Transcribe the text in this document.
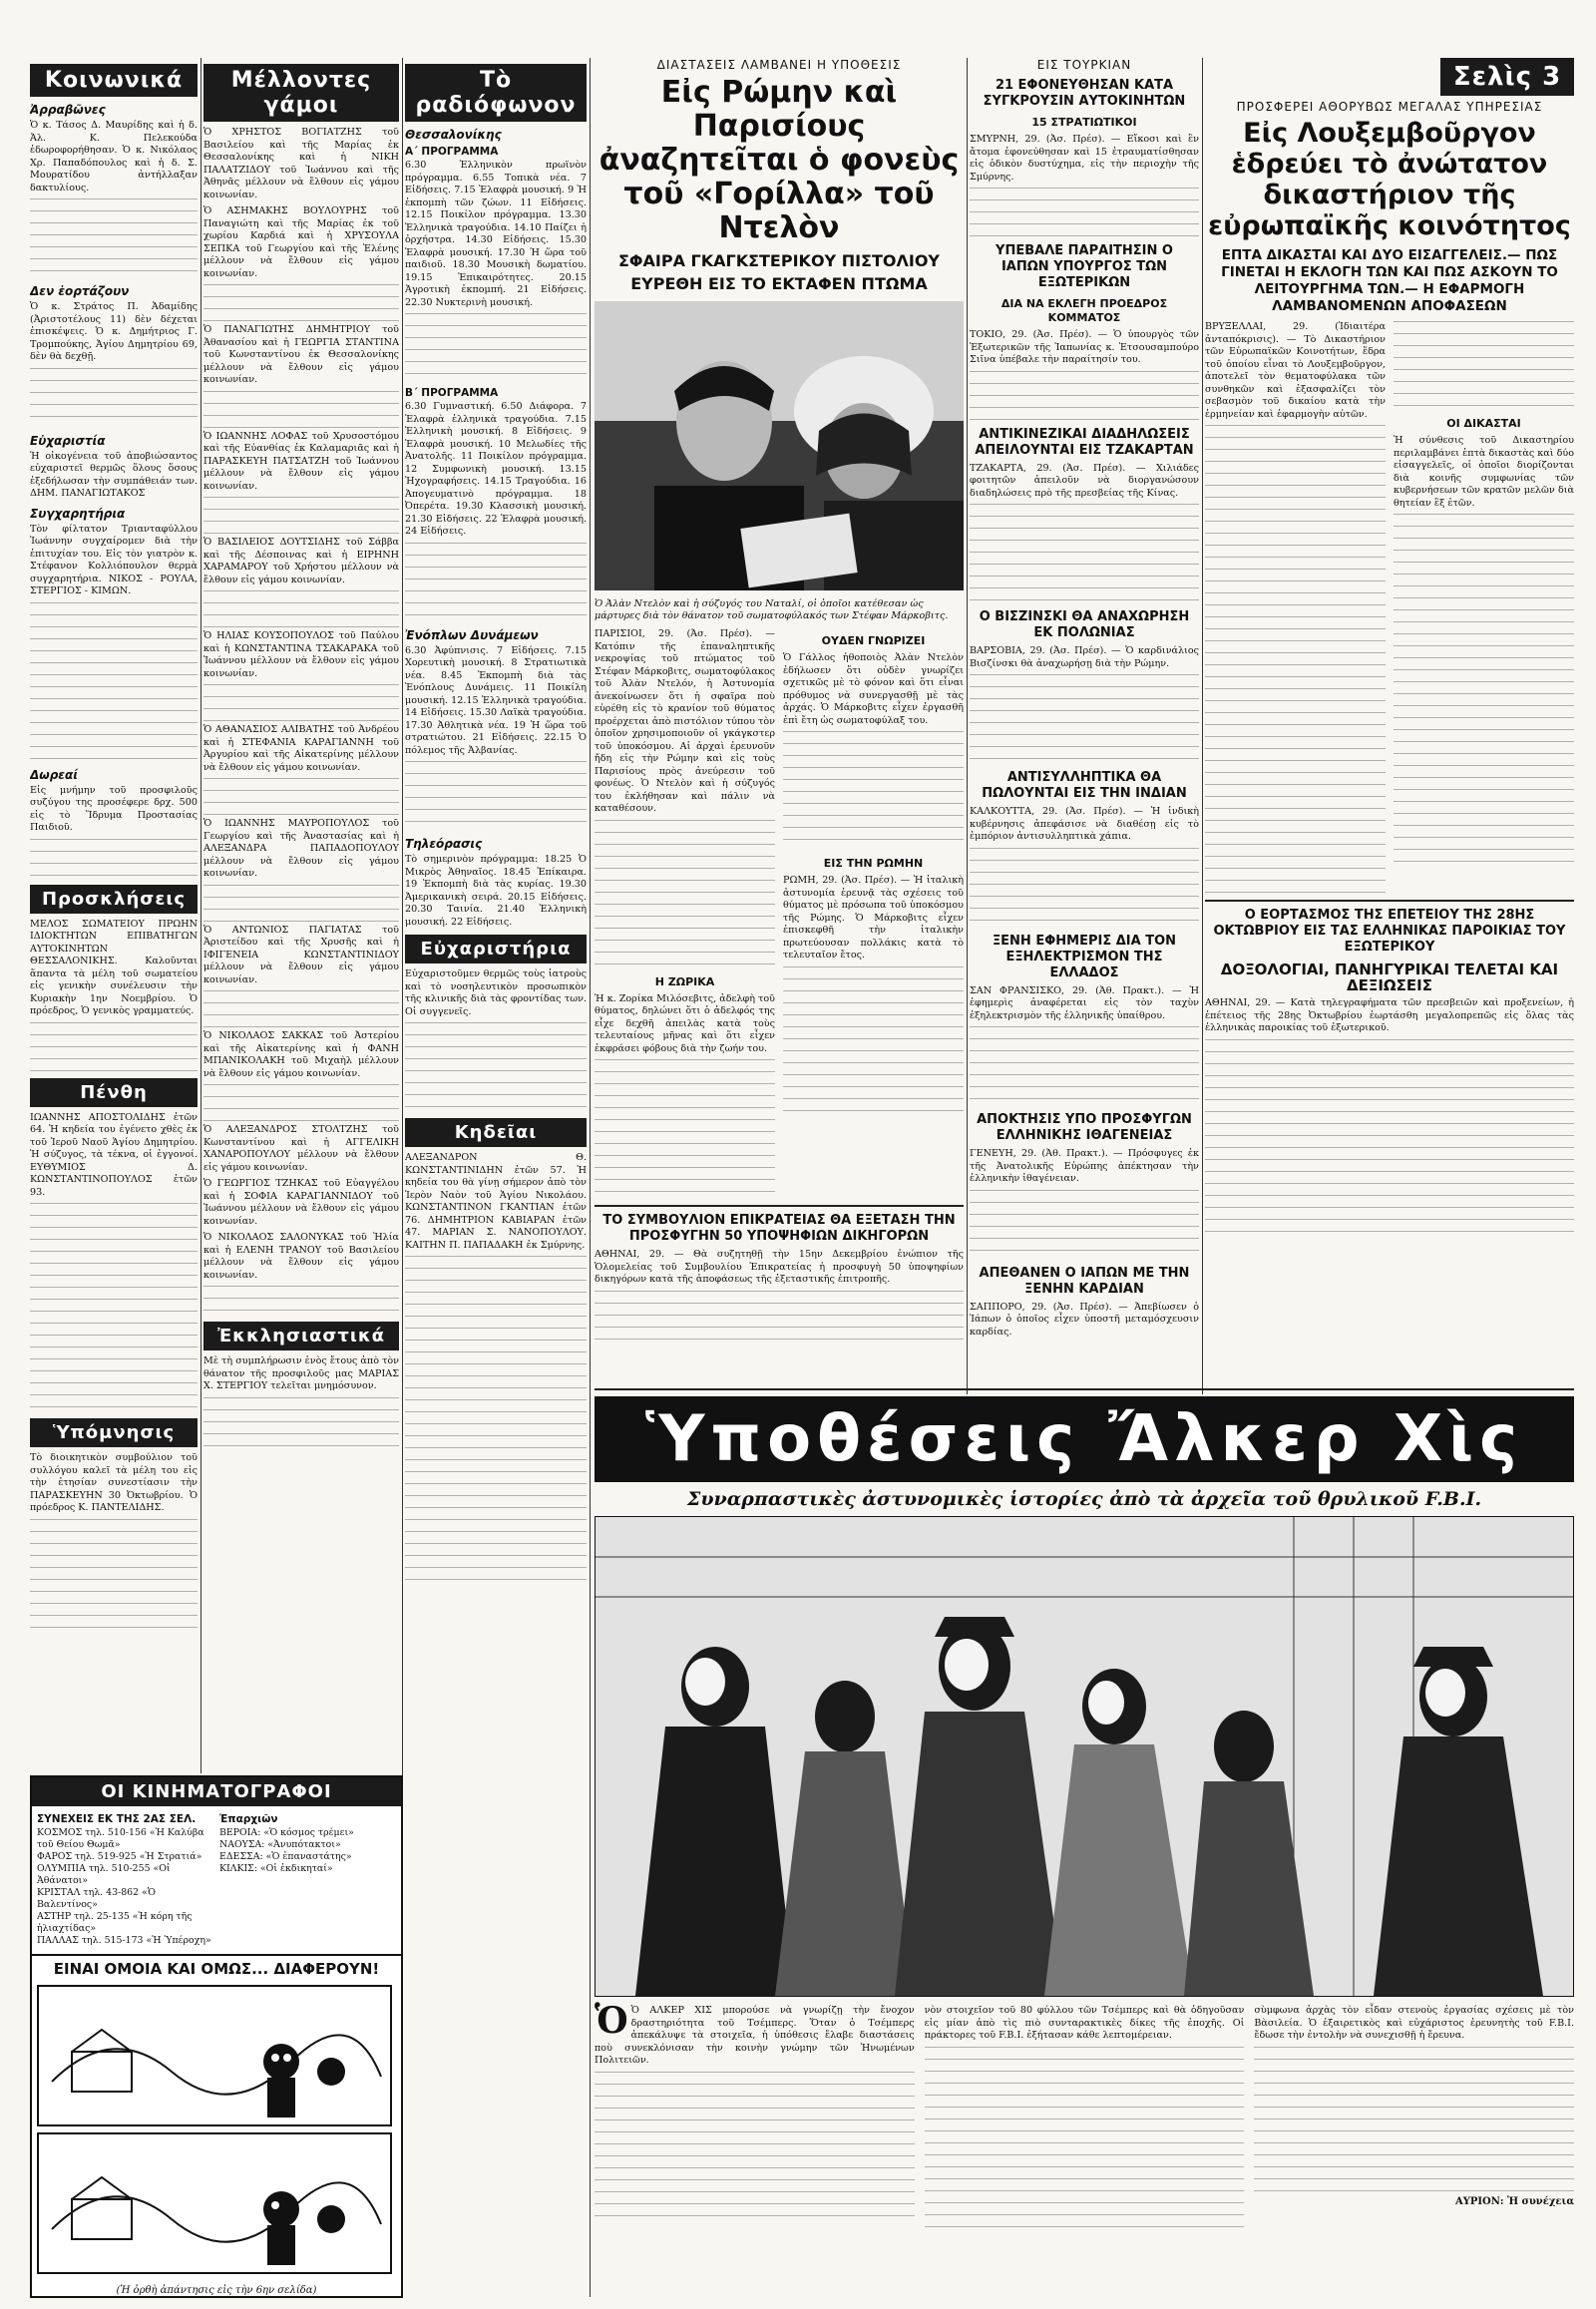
Κοινωνικά
Ἀρραβῶνες

Ὁ κ. Τάσος Δ. Μαυρίδης καὶ ἡ δ. Ἀλ. Κ. Πελεκούδα ἐδωροφορήθησαν. Ὁ κ. Νικόλαος Χρ. Παπαδόπουλος καὶ ἡ δ. Σ. Μουρατίδου ἀντήλλαξαν δακτυλίους.

Δεν ἑορτάζουν

Ὁ κ. Στράτος Π. Ἀδαμίδης (Ἀριστοτέλους 11) δὲν δέχεται ἐπισκέψεις. Ὁ κ. Δημήτριος Γ. Τρομπούκης, Ἀγίου Δημητρίου 69, δὲν θὰ δεχθῇ.

Εὐχαριστία

Ἡ οἰκογένεια τοῦ ἀποβιώσαντος εὐχαριστεῖ θερμῶς ὅλους ὅσους ἐξεδήλωσαν τὴν συμπάθειάν των. ΔΗΜ. ΠΑΝΑΓΙΩΤΑΚΟΣ

Συγχαρητήρια

Τὸν φίλτατον Τριανταφύλλου Ἰωάννην συγχαίρομεν διὰ τὴν ἐπιτυχίαν του. Εἰς τὸν γιατρὸν κ. Στέφανον Κολλιόπουλον θερμὰ συγχαρητήρια. ΝΙΚΟΣ - ΡΟΥΛΑ, ΣΤΕΡΓΙΟΣ - ΚΙΜΩΝ.

Δωρεαί

Εἰς μνήμην τοῦ προσφιλοῦς συζύγου της προσέφερε δρχ. 500 εἰς τὸ Ἵδρυμα Προστασίας Παιδιοῦ.

Προσκλήσεις

ΜΕΛΟΣ ΣΩΜΑΤΕΙΟΥ ΠΡΩΗΝ ΙΔΙΟΚΤΗΤΩΝ ΕΠΙΒΑΤΗΓΩΝ ΑΥΤΟΚΙΝΗΤΩΝ ΘΕΣΣΑΛΟΝΙΚΗΣ. Καλοῦνται ἅπαντα τὰ μέλη τοῦ σωματείου εἰς γενικὴν συνέλευσιν τὴν Κυριακὴν 1ην Νοεμβρίου. Ὁ πρόεδρος, Ὁ γενικὸς γραμματεύς.

Πένθη

ΙΩΑΝΝΗΣ ΑΠΟΣΤΟΛΙΔΗΣ ἐτῶν 64. Ἡ κηδεία του ἐγένετο χθὲς ἐκ τοῦ Ἱεροῦ Ναοῦ Ἁγίου Δημητρίου. Ἡ σύζυγος, τὰ τέκνα, οἱ ἐγγονοί. ΕΥΘΥΜΙΟΣ Δ. ΚΩΝΣΤΑΝΤΙΝΟΠΟΥΛΟΣ ἐτῶν 93.

Ὑπόμνησις

Τὸ διοικητικὸν συμβούλιον τοῦ συλλόγου καλεῖ τὰ μέλη του εἰς τὴν ἐτησίαν συνεστίασιν τὴν ΠΑΡΑΣΚΕΥΗΝ 30 Ὀκτωβρίου. Ὁ πρόεδρος Κ. ΠΑΝΤΕΛΙΔΗΣ.

Μέλλοντες γάμοι

Ὁ ΧΡΗΣΤΟΣ ΒΟΓΙΑΤΖΗΣ τοῦ Βασιλείου καὶ τῆς Μαρίας ἐκ Θεσσαλονίκης καὶ ἡ ΝΙΚΗ ΠΑΛΑΤΖΙΔΟΥ τοῦ Ἰωάννου καὶ τῆς Ἀθηνᾶς μέλλουν νὰ ἔλθουν εἰς γάμου κοινωνίαν.

Ὁ ΑΣΗΜΑΚΗΣ ΒΟΥΛΟΥΡΗΣ τοῦ Παναγιώτη καὶ τῆς Μαρίας ἐκ τοῦ χωρίου Καρδιά καὶ ἡ ΧΡΥΣΟΥΛΑ ΣΕΠΚΑ τοῦ Γεωργίου καὶ τῆς Ἑλένης μέλλουν νὰ ἔλθουν εἰς γάμου κοινωνίαν.

Ὁ ΠΑΝΑΓΙΩΤΗΣ ΔΗΜΗΤΡΙΟΥ τοῦ Ἀθανασίου καὶ ἡ ΓΕΩΡΓΙΑ ΣΤΑΝΤΙΝΑ τοῦ Κωνσταντίνου ἐκ Θεσσαλονίκης μέλλουν νὰ ἔλθουν εἰς γάμου κοινωνίαν.

Ὁ ΙΩΑΝΝΗΣ ΛΟΦΑΣ τοῦ Χρυσοστόμου καὶ τῆς Εὐανθίας ἐκ Καλαμαριᾶς καὶ ἡ ΠΑΡΑΣΚΕΥΗ ΠΑΤΣΑΤΖΗ τοῦ Ἰωάννου μέλλουν νὰ ἔλθουν εἰς γάμου κοινωνίαν.

Ὁ ΒΑΣΙΛΕΙΟΣ ΔΟΥΤΣΙΔΗΣ τοῦ Σάββα καὶ τῆς Δέσποινας καὶ ἡ ΕΙΡΗΝΗ ΧΑΡΑΜΑΡΟΥ τοῦ Χρήστου μέλλουν νὰ ἔλθουν εἰς γάμου κοινωνίαν.

Ὁ ΗΛΙΑΣ ΚΟΥΣΟΠΟΥΛΟΣ τοῦ Παύλου καὶ ἡ ΚΩΝΣΤΑΝΤΙΝΑ ΤΣΑΚΑΡΑΚΑ τοῦ Ἰωάννου μέλλουν νὰ ἔλθουν εἰς γάμου κοινωνίαν.

Ὁ ΑΘΑΝΑΣΙΟΣ ΑΛΙΒΑΤΗΣ τοῦ Ἀνδρέου καὶ ἡ ΣΤΕΦΑΝΙΑ ΚΑΡΑΓΙΑΝΝΗ τοῦ Ἀργυρίου καὶ τῆς Αἰκατερίνης μέλλουν νὰ ἔλθουν εἰς γάμου κοινωνίαν.

Ὁ ΙΩΑΝΝΗΣ ΜΑΥΡΟΠΟΥΛΟΣ τοῦ Γεωργίου καὶ τῆς Ἀναστασίας καὶ ἡ ΑΛΕΞΑΝΔΡΑ ΠΑΠΑΔΟΠΟΥΛΟΥ μέλλουν νὰ ἔλθουν εἰς γάμου κοινωνίαν.

Ὁ ΑΝΤΩΝΙΟΣ ΠΑΓΙΑΤΑΣ τοῦ Ἀριστείδου καὶ τῆς Χρυσῆς καὶ ἡ ΙΦΙΓΕΝΕΙΑ ΚΩΝΣΤΑΝΤΙΝΙΔΟΥ μέλλουν νὰ ἔλθουν εἰς γάμου κοινωνίαν.

Ὁ ΝΙΚΟΛΑΟΣ ΣΑΚΚΑΣ τοῦ Ἀστερίου καὶ τῆς Αἰκατερίνης καὶ ἡ ΦΑΝΗ ΜΠΑΝΙΚΟΛΑΚΗ τοῦ Μιχαὴλ μέλλουν νὰ ἔλθουν εἰς γάμου κοινωνίαν.

Ὁ ΑΛΕΞΑΝΔΡΟΣ ΣΤΟΛΤΖΗΣ τοῦ Κωνσταντίνου καὶ ἡ ΑΓΓΕΛΙΚΗ ΧΑΝΑΡΟΠΟΥΛΟΥ μέλλουν νὰ ἔλθουν εἰς γάμου κοινωνίαν.

Ὁ ΓΕΩΡΓΙΟΣ ΤΖΗΚΑΣ τοῦ Εὐαγγέλου καὶ ἡ ΣΟΦΙΑ ΚΑΡΑΓΙΑΝΝΙΔΟΥ τοῦ Ἰωάννου μέλλουν νὰ ἔλθουν εἰς γάμου κοινωνίαν.

Ὁ ΝΙΚΟΛΑΟΣ ΣΑΛΟΝΥΚΑΣ τοῦ Ἠλία καὶ ἡ ΕΛΕΝΗ ΤΡΑΝΟΥ τοῦ Βασιλείου μέλλουν νὰ ἔλθουν εἰς γάμου κοινωνίαν.

Ἐκκλησιαστικά

Μὲ τὴ συμπλήρωσιν ἑνὸς ἔτους ἀπὸ τὸν θάνατον τῆς προσφιλοῦς μας ΜΑΡΙΑΣ Χ. ΣΤΕΡΓΙΟΥ τελεῖται μνημόσυνον.

Τὸ ραδιόφωνον
Θεσσαλονίκης
Α΄ ΠΡΟΓΡΑΜΜΑ

6.30 Ἑλληνικὸν πρωϊνὸν πρόγραμμα. 6.55 Τοπικὰ νέα. 7 Εἰδήσεις. 7.15 Ἐλαφρὰ μουσική. 9 Ἡ ἐκπομπὴ τῶν ζώων. 11 Εἰδήσεις. 12.15 Ποικίλον πρόγραμμα. 13.30 Ἑλληνικὰ τραγούδια. 14.10 Παίζει ἡ ὀρχήστρα. 14.30 Εἰδήσεις. 15.30 Ἐλαφρὰ μουσική. 17.30 Ἡ ὥρα τοῦ παιδιοῦ. 18.30 Μουσικὴ δωματίου. 19.15 Ἐπικαιρότητες. 20.15 Ἀγροτικὴ ἐκπομπή. 21 Εἰδήσεις. 22.30 Νυκτερινὴ μουσική.

Β΄ ΠΡΟΓΡΑΜΜΑ

6.30 Γυμναστική. 6.50 Διάφορα. 7 Ἐλαφρὰ ἑλληνικὰ τραγούδια. 7.15 Ἑλληνικὴ μουσική. 8 Εἰδήσεις. 9 Ἐλαφρὰ μουσική. 10 Μελωδίες τῆς Ἀνατολῆς. 11 Ποικίλον πρόγραμμα. 12 Συμφωνικὴ μουσική. 13.15 Ἠχογραφήσεις. 14.15 Τραγούδια. 16 Ἀπογευματινὸ πρόγραμμα. 18 Ὀπερέτα. 19.30 Κλασσικὴ μουσική. 21.30 Εἰδήσεις. 22 Ἐλαφρὰ μουσική. 24 Εἰδήσεις.

Ἐνόπλων Δυνάμεων

6.30 Ἀφύπνισις. 7 Εἰδήσεις. 7.15 Χορευτικὴ μουσική. 8 Στρατιωτικὰ νέα. 8.45 Ἐκπομπὴ διὰ τὰς Ἐνόπλους Δυνάμεις. 11 Ποικίλη μουσική. 12.15 Ἑλληνικὰ τραγούδια. 14 Εἰδήσεις. 15.30 Λαϊκὰ τραγούδια. 17.30 Ἀθλητικὰ νέα. 19 Ἡ ὥρα τοῦ στρατιώτου. 21 Εἰδήσεις. 22.15 Ὁ πόλεμος τῆς Ἀλβανίας.

Τηλεόρασις

Τὸ σημερινὸν πρόγραμμα: 18.25 Ὁ Μικρὸς Ἀθηναῖος. 18.45 Ἐπίκαιρα. 19 Ἐκπομπὴ διὰ τὰς κυρίας. 19.30 Ἀμερικανικὴ σειρά. 20.15 Εἰδήσεις. 20.30 Ταινία. 21.40 Ἑλληνικὴ μουσική. 22 Εἰδήσεις.

Εὐχαριστήρια

Εὐχαριστοῦμεν θερμῶς τοὺς ἰατροὺς καὶ τὸ νοσηλευτικὸν προσωπικὸν τῆς κλινικῆς διὰ τὰς φροντίδας των. Οἱ συγγενεῖς.

Κηδεῖαι

ΑΛΕΞΑΝΔΡΟΝ Θ. ΚΩΝΣΤΑΝΤΙΝΙΔΗΝ ἐτῶν 57. Ἡ κηδεία του θὰ γίνῃ σήμερον ἀπὸ τὸν Ἱερὸν Ναὸν τοῦ Ἁγίου Νικολάου. ΚΩΝΣΤΑΝΤΙΝΟΝ ΓΚΑΝΤΙΑΝ ἐτῶν 76. ΔΗΜΗΤΡΙΟΝ ΚΑΒΙΑΡΑΝ ἐτῶν 47. ΜΑΡΙΑΝ Σ. ΝΑΝΟΠΟΥΛΟΥ. ΚΑΙΤΗΝ Π. ΠΑΠΑΔΑΚΗ ἐκ Σμύρνης.

ΔΙΑΣΤΑΣΕΙΣ ΛΑΜΒΑΝΕΙ Η ΥΠΟΘΕΣΙΣ
Εἰς Ρώμην καὶ Παρισίους ἀναζητεῖται ὁ φονεὺς τοῦ «Γορίλλα» τοῦ Ντελὸν
ΣΦΑΙΡΑ ΓΚΑΓΚΣΤΕΡΙΚΟΥ ΠΙΣΤΟΛΙΟΥ
ΕΥΡΕΘΗ ΕΙΣ ΤΟ ΕΚΤΑΦΕΝ ΠΤΩΜΑ

Ὁ Ἀλὰν Ντελὸν καὶ ἡ σύζυγός του Ναταλί, οἱ ὁποῖοι κατέθεσαν ὡς μάρτυρες διὰ τὸν θάνατον τοῦ σωματοφύλακός των Στέφαν Μάρκοβιτς.

ΠΑΡΙΣΙΟΙ, 29. (Ἀσ. Πρέσ). — Κατόπιν τῆς ἐπαναληπτικῆς νεκροψίας τοῦ πτώματος τοῦ Στέφαν Μάρκοβιτς, σωματοφύλακος τοῦ Ἀλὰν Ντελόν, ἡ Ἀστυνομία ἀνεκοίνωσεν ὅτι ἡ σφαῖρα ποὺ εὑρέθη εἰς τὸ κρανίον τοῦ θύματος προέρχεται ἀπὸ πιστόλιον τύπου τὸν ὁποῖον χρησιμοποιοῦν οἱ γκάγκστερ τοῦ ὑποκόσμου. Αἱ ἀρχαὶ ἐρευνοῦν ἤδη εἰς τὴν Ρώμην καὶ εἰς τοὺς Παρισίους πρὸς ἀνεύρεσιν τοῦ φονέως. Ὁ Ντελὸν καὶ ἡ σύζυγός του ἐκλήθησαν καὶ πάλιν νὰ καταθέσουν.

Η ΖΩΡΙΚΑ

Ἡ κ. Ζορίκα Μιλόσεβιτς, ἀδελφὴ τοῦ θύματος, δηλώνει ὅτι ὁ ἀδελφός της εἶχε δεχθῆ ἀπειλὰς κατὰ τοὺς τελευταίους μῆνας καὶ ὅτι εἶχεν ἐκφράσει φόβους διὰ τὴν ζωήν του.

ΟΥΔΕΝ ΓΝΩΡΙΖΕΙ

Ὁ Γάλλος ἠθοποιὸς Ἀλὰν Ντελὸν ἐδήλωσεν ὅτι οὐδὲν γνωρίζει σχετικῶς μὲ τὸ φόνον καὶ ὅτι εἶναι πρόθυμος νὰ συνεργασθῇ μὲ τὰς ἀρχάς. Ὁ Μάρκοβιτς εἶχεν ἐργασθῆ ἐπὶ ἔτη ὡς σωματοφύλαξ του.

ΕΙΣ ΤΗΝ ΡΩΜΗΝ

ΡΩΜΗ, 29. (Ἀσ. Πρέσ). — Ἡ ἰταλικὴ ἀστυνομία ἐρευνᾷ τὰς σχέσεις τοῦ θύματος μὲ πρόσωπα τοῦ ὑποκόσμου τῆς Ρώμης. Ὁ Μάρκοβιτς εἶχεν ἐπισκεφθῆ τὴν ἰταλικὴν πρωτεύουσαν πολλάκις κατὰ τὸ τελευταῖον ἔτος.

ΤΟ ΣΥΜΒΟΥΛΙΟΝ ΕΠΙΚΡΑΤΕΙΑΣ ΘΑ ΕΞΕΤΑΣΗ ΤΗΝ ΠΡΟΣΦΥΓΗΝ 50 ΥΠΟΨΗΦΙΩΝ ΔΙΚΗΓΟΡΩΝ

ΑΘΗΝΑΙ, 29. — Θὰ συζητηθῇ τὴν 15ην Δεκεμβρίου ἐνώπιον τῆς Ὁλομελείας τοῦ Συμβουλίου Ἐπικρατείας ἡ προσφυγὴ 50 ὑποψηφίων δικηγόρων κατὰ τῆς ἀποφάσεως τῆς ἐξεταστικῆς ἐπιτροπῆς.

ΕΙΣ ΤΟΥΡΚΙΑΝ
21 ΕΦΟΝΕΥΘΗΣΑΝ ΚΑΤΑ ΣΥΓΚΡΟΥΣΙΝ ΑΥΤΟΚΙΝΗΤΩΝ
15 ΣΤΡΑΤΙΩΤΙΚΟΙ

ΣΜΥΡΝΗ, 29. (Ἀσ. Πρέσ). — Εἴκοσι καὶ ἓν ἄτομα ἐφονεύθησαν καὶ 15 ἐτραυματίσθησαν εἰς ὁδικὸν δυστύχημα, εἰς τὴν περιοχὴν τῆς Σμύρνης.

ΥΠΕΒΑΛΕ ΠΑΡΑΙΤΗΣΙΝ Ο ΙΑΠΩΝ ΥΠΟΥΡΓΟΣ ΤΩΝ ΕΞΩΤΕΡΙΚΩΝ
ΔΙΑ ΝΑ ΕΚΛΕΓΗ ΠΡΟΕΔΡΟΣ ΚΟΜΜΑΤΟΣ

ΤΟΚΙΟ, 29. (Ἀσ. Πρέσ). — Ὁ ὑπουργὸς τῶν Ἐξωτερικῶν τῆς Ἰαπωνίας κ. Ἐτσουσαμπούρο Σιῖνα ὑπέβαλε τὴν παραίτησίν του.

ΑΝΤΙΚΙΝΕΖΙΚΑΙ ΔΙΑΔΗΛΩΣΕΙΣ ΑΠΕΙΛΟΥΝΤΑΙ ΕΙΣ ΤΖΑΚΑΡΤΑΝ

ΤΖΑΚΑΡΤΑ, 29. (Ἀσ. Πρέσ). — Χιλιάδες φοιτητῶν ἀπειλοῦν νὰ διοργανώσουν διαδηλώσεις πρὸ τῆς πρεσβείας τῆς Κίνας.

Ο ΒΙΣΖΙΝΣΚΙ ΘΑ ΑΝΑΧΩΡΗΣΗ ΕΚ ΠΟΛΩΝΙΑΣ

ΒΑΡΣΟΒΙΑ, 29. (Ἀσ. Πρέσ). — Ὁ καρδινάλιος Βισζίνσκι θὰ ἀναχωρήσῃ διὰ τὴν Ρώμην.

ΑΝΤΙΣΥΛΛΗΠΤΙΚΑ ΘΑ ΠΩΛΟΥΝΤΑΙ ΕΙΣ ΤΗΝ ΙΝΔΙΑΝ

ΚΑΛΚΟΥΤΤΑ, 29. (Ἀσ. Πρέσ). — Ἡ ἰνδικὴ κυβέρνησις ἀπεφάσισε νὰ διαθέσῃ εἰς τὸ ἐμπόριον ἀντισυλληπτικὰ χάπια.

ΞΕΝΗ ΕΦΗΜΕΡΙΣ ΔΙΑ ΤΟΝ ΕΞΗΛΕΚΤΡΙΣΜΟΝ ΤΗΣ ΕΛΛΑΔΟΣ

ΣΑΝ ΦΡΑΝΣΙΣΚΟ, 29. (Ἀθ. Πρακτ.). — Ἡ ἐφημερὶς ἀναφέρεται εἰς τὸν ταχὺν ἐξηλεκτρισμὸν τῆς ἑλληνικῆς ὑπαίθρου.

ΑΠΟΚΤΗΣΙΣ ΥΠΟ ΠΡΟΣΦΥΓΩΝ ΕΛΛΗΝΙΚΗΣ ΙΘΑΓΕΝΕΙΑΣ

ΓΕΝΕΥΗ, 29. (Ἀθ. Πρακτ.). — Πρόσφυγες ἐκ τῆς Ἀνατολικῆς Εὐρώπης ἀπέκτησαν τὴν ἑλληνικὴν ἰθαγένειαν.

ΑΠΕΘΑΝΕΝ Ο ΙΑΠΩΝ ΜΕ ΤΗΝ ΞΕΝΗΝ ΚΑΡΔΙΑΝ

ΣΑΠΠΟΡΟ, 29. (Ἀσ. Πρέσ). — Ἀπεβίωσεν ὁ Ἰάπων ὁ ὁποῖος εἶχεν ὑποστῆ μεταμόσχευσιν καρδίας.

Σελὶς 3
ΠΡΟΣΦΕΡΕΙ ΑΘΟΡΥΒΩΣ ΜΕΓΑΛΑΣ ΥΠΗΡΕΣΙΑΣ
Εἰς Λουξεμβοῦργον ἑδρεύει τὸ ἀνώτατον δικαστήριον τῆς εὐρωπαϊκῆς κοινότητος
ΕΠΤΑ ΔΙΚΑΣΤΑΙ ΚΑΙ ΔΥΟ ΕΙΣΑΓΓΕΛΕΙΣ.— ΠΩΣ ΓΙΝΕΤΑΙ Η ΕΚΛΟΓΗ ΤΩΝ ΚΑΙ ΠΩΣ ΑΣΚΟΥΝ ΤΟ ΛΕΙΤΟΥΡΓΗΜΑ ΤΩΝ.— Η ΕΦΑΡΜΟΓΗ ΛΑΜΒΑΝΟΜΕΝΩΝ ΑΠΟΦΑΣΕΩΝ

ΒΡΥΞΕΛΛΑΙ, 29. (Ἰδιαιτέρα ἀνταπόκρισις). — Τὸ Δικαστήριον τῶν Εὐρωπαϊκῶν Κοινοτήτων, ἕδρα τοῦ ὁποίου εἶναι τὸ Λουξεμβοῦργον, ἀποτελεῖ τὸν θεματοφύλακα τῶν συνθηκῶν καὶ ἐξασφαλίζει τὸν σεβασμὸν τοῦ δικαίου κατὰ τὴν ἑρμηνείαν καὶ ἐφαρμογὴν αὐτῶν.

ΟΙ ΔΙΚΑΣΤΑΙ

Ἡ σύνθεσις τοῦ Δικαστηρίου περιλαμβάνει ἑπτὰ δικαστὰς καὶ δύο εἰσαγγελεῖς, οἱ ὁποῖοι διορίζονται διὰ κοινῆς συμφωνίας τῶν κυβερνήσεων τῶν κρατῶν μελῶν διὰ θητείαν ἓξ ἐτῶν.

Ο ΕΟΡΤΑΣΜΟΣ ΤΗΣ ΕΠΕΤΕΙΟΥ ΤΗΣ 28ΗΣ ΟΚΤΩΒΡΙΟΥ ΕΙΣ ΤΑΣ ΕΛΛΗΝΙΚΑΣ ΠΑΡΟΙΚΙΑΣ ΤΟΥ ΕΞΩΤΕΡΙΚΟΥ
ΔΟΞΟΛΟΓΙΑΙ, ΠΑΝΗΓΥΡΙΚΑΙ ΤΕΛΕΤΑΙ ΚΑΙ ΔΕΞΙΩΣΕΙΣ

ΑΘΗΝΑΙ, 29. — Κατὰ τηλεγραφήματα τῶν πρεσβειῶν καὶ προξενείων, ἡ ἐπέτειος τῆς 28ης Ὀκτωβρίου ἑωρτάσθη μεγαλοπρεπῶς εἰς ὅλας τὰς ἑλληνικὰς παροικίας τοῦ ἐξωτερικοῦ.

Ὑποθέσεις Ἄλκερ Χὶς
Συναρπαστικὲς ἀστυνομικὲς ἱστορίες ἀπὸ τὰ ἀρχεῖα τοῦ θρυλικοῦ F.B.I.
Ὁ Ὁ ΑΛΚΕΡ ΧΙΣ μπορούσε νὰ γνωρίζῃ τὴν ἔνοχον δραστηριότητα τοῦ Τσέμπερς. Ὅταν ὁ Τσέμπερς ἀπεκάλυψε τὰ στοιχεῖα, ἡ ὑπόθεσις ἔλαβε διαστάσεις ποὺ συνεκλόνισαν τὴν κοινὴν γνώμην τῶν Ἡνωμένων Πολιτειῶν.
νὸν στοιχεῖον τοῦ 80 φύλλου τῶν Τσέμπερς καὶ θὰ ὁδηγοῦσαν εἰς μίαν ἀπὸ τὶς πιὸ συνταρακτικὲς δίκες τῆς ἐποχῆς. Οἱ πράκτορες τοῦ F.B.I. ἐξήτασαν κάθε λεπτομέρειαν.
σὺμφωνα ἀρχὰς τὸν εἶδαν στενοὺς ἐργασίας σχέσεις μὲ τὸν Βὰσιλεία. Ὁ ἐξαιρετικὸς καὶ εὐχάριστος ἐρευνητὴς τοῦ F.B.I. ἔδωσε τὴν ἐντολὴν νὰ συνεχισθῇ ἡ ἔρευνα.
ΑΥΡΙΟΝ: Ἡ συνέχεια
ΟΙ ΚΙΝΗΜΑΤΟΓΡΑΦΟΙ
ΣΥΝΕΧΕΙΣ ΕΚ ΤΗΣ 2ΑΣ ΣΕΛ.
ΚΟΣΜΟΣ τηλ. 510-156 «Ἡ Καλύβα τοῦ Θείου Θωμᾶ»
ΦΑΡΟΣ τηλ. 519-925 «Ἡ Στρατιά»
ΟΛΥΜΠΙΑ τηλ. 510-255 «Οἱ Ἀθάνατοι»
ΚΡΙΣΤΑΛ τηλ. 43-862 «Ὁ Βαλεντίνος»
ΑΣΤΗΡ τηλ. 25-135 «Ἡ κόρη τῆς ἡλιαχτίδας»
ΠΑΛΛΑΣ τηλ. 515-173 «Ἡ Ὑπέροχη»
Ἐπαρχιῶν
ΒΕΡΟΙΑ: «Ὁ κόσμος τρέμει»
ΝΑΟΥΣΑ: «Ἀνυπότακτοι»
ΕΔΕΣΣΑ: «Ὁ ἐπαναστάτης»
ΚΙΛΚΙΣ: «Οἱ ἐκδικηταί»
ΕΙΝΑΙ ΟΜΟΙΑ ΚΑΙ ΟΜΩΣ... ΔΙΑΦΕΡΟΥΝ!
(Ἡ ὀρθὴ ἀπάντησις εἰς τὴν 6ην σελίδα)
